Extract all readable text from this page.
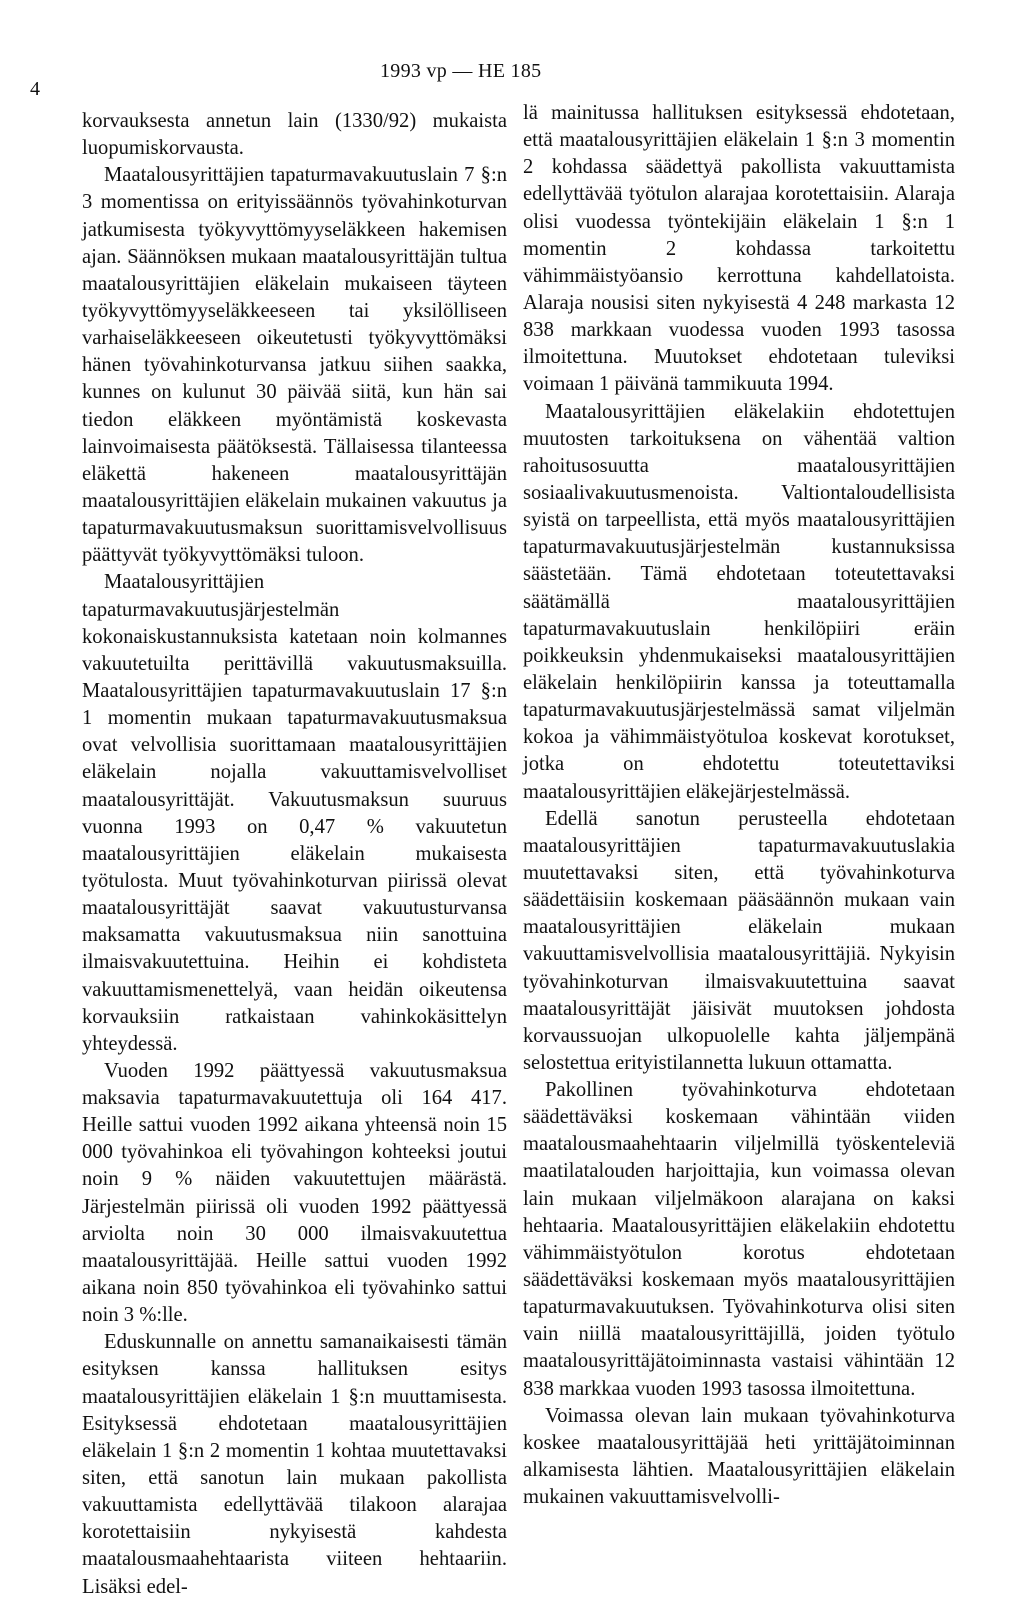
4
1993 vp — HE 185

korvauksesta annetun lain (1330/92) mukaista luopumiskorvausta.

Maatalousyrittäjien tapaturmavakuutuslain 7 §:n 3 momentissa on erityissäännös työvahinkoturvan jatkumisesta työkyvyttömyyseläkkeen hakemisen ajan. Säännöksen mukaan maatalousyrittäjän tultua maatalousyrittäjien eläkelain mukaiseen täyteen työkyvyttömyyseläkkeeseen tai yksilölliseen varhaiseläkkeeseen oikeutetusti työkyvyttömäksi hänen työvahinkoturvansa jatkuu siihen saakka, kunnes on kulunut 30 päivää siitä, kun hän sai tiedon eläkkeen myöntämistä koskevasta lainvoimaisesta päätöksestä. Tällaisessa tilanteessa eläkettä hakeneen maatalousyrittäjän maatalousyrittäjien eläkelain mukainen vakuutus ja tapaturmavakuutusmaksun suorittamisvelvollisuus päättyvät työkyvyttömäksi tuloon.

Maatalousyrittäjien tapaturmavakuutusjärjestelmän kokonaiskustannuksista katetaan noin kolmannes vakuutetuilta perittävillä vakuutusmaksuilla. Maatalousyrittäjien tapaturmavakuutuslain 17 §:n 1 momentin mukaan tapaturmavakuutusmaksua ovat velvollisia suorittamaan maatalousyrittäjien eläkelain nojalla vakuuttamisvelvolliset maatalousyrittäjät. Vakuutusmaksun suuruus vuonna 1993 on 0,47 % vakuutetun maatalousyrittäjien eläkelain mukaisesta työtulosta. Muut työvahinkoturvan piirissä olevat maatalousyrittäjät saavat vakuutusturvansa maksamatta vakuutusmaksua niin sanottuina ilmaisvakuutettuina. Heihin ei kohdisteta vakuuttamismenettelyä, vaan heidän oikeutensa korvauksiin ratkaistaan vahinkokäsittelyn yhteydessä.

Vuoden 1992 päättyessä vakuutusmaksua maksavia tapaturmavakuutettuja oli 164 417. Heille sattui vuoden 1992 aikana yhteensä noin 15 000 työvahinkoa eli työvahingon kohteeksi joutui noin 9 % näiden vakuutettujen määrästä. Järjestelmän piirissä oli vuoden 1992 päättyessä arviolta noin 30 000 ilmaisvakuutettua maatalousyrittäjää. Heille sattui vuoden 1992 aikana noin 850 työvahinkoa eli työvahinko sattui noin 3 %:lle.

Eduskunnalle on annettu samanaikaisesti tämän esityksen kanssa hallituksen esitys maatalousyrittäjien eläkelain 1 §:n muuttamisesta. Esityksessä ehdotetaan maatalousyrittäjien eläkelain 1 §:n 2 momentin 1 kohtaa muutettavaksi siten, että sanotun lain mukaan pakollista vakuuttamista edellyttävää tilakoon alarajaa korotettaisiin nykyisestä kahdesta maatalousmaahehtaarista viiteen hehtaariin. Lisäksi edel-

lä mainitussa hallituksen esityksessä ehdotetaan, että maatalousyrittäjien eläkelain 1 §:n 3 momentin 2 kohdassa säädettyä pakollista vakuuttamista edellyttävää työtulon alarajaa korotettaisiin. Alaraja olisi vuodessa työntekijäin eläkelain 1 §:n 1 momentin 2 kohdassa tarkoitettu vähimmäistyöansio kerrottuna kahdellatoista. Alaraja nousisi siten nykyisestä 4 248 markasta 12 838 markkaan vuodessa vuoden 1993 tasossa ilmoitettuna. Muutokset ehdotetaan tuleviksi voimaan 1 päivänä tammikuuta 1994.

Maatalousyrittäjien eläkelakiin ehdotettujen muutosten tarkoituksena on vähentää valtion rahoitusosuutta maatalousyrittäjien sosiaalivakuutusmenoista. Valtiontaloudellisista syistä on tarpeellista, että myös maatalousyrittäjien tapaturmavakuutusjärjestelmän kustannuksissa säästetään. Tämä ehdotetaan toteutettavaksi säätämällä maatalousyrittäjien tapaturmavakuutuslain henkilöpiiri eräin poikkeuksin yhdenmukaiseksi maatalousyrittäjien eläkelain henkilöpiirin kanssa ja toteuttamalla tapaturmavakuutusjärjestelmässä samat viljelmän kokoa ja vähimmäistyötuloa koskevat korotukset, jotka on ehdotettu toteutettaviksi maatalousyrittäjien eläkejärjestelmässä.

Edellä sanotun perusteella ehdotetaan maatalousyrittäjien tapaturmavakuutuslakia muutettavaksi siten, että työvahinkoturva säädettäisiin koskemaan pääsäännön mukaan vain maatalousyrittäjien eläkelain mukaan vakuuttamisvelvollisia maatalousyrittäjiä. Nykyisin työvahinkoturvan ilmaisvakuutettuina saavat maatalousyrittäjät jäisivät muutoksen johdosta korvaussuojan ulkopuolelle kahta jäljempänä selostettua erityistilannetta lukuun ottamatta.

Pakollinen työvahinkoturva ehdotetaan säädettäväksi koskemaan vähintään viiden maatalousmaahehtaarin viljelmillä työskenteleviä maatilatalouden harjoittajia, kun voimassa olevan lain mukaan viljelmäkoon alarajana on kaksi hehtaaria. Maatalousyrittäjien eläkelakiin ehdotettu vähimmäistyötulon korotus ehdotetaan säädettäväksi koskemaan myös maatalousyrittäjien tapaturmavakuutuksen. Työvahinkoturva olisi siten vain niillä maatalousyrittäjillä, joiden työtulo maatalousyrittäjätoiminnasta vastaisi vähintään 12 838 markkaa vuoden 1993 tasossa ilmoitettuna.

Voimassa olevan lain mukaan työvahinkoturva koskee maatalousyrittäjää heti yrittäjätoiminnan alkamisesta lähtien. Maatalousyrittäjien eläkelain mukainen vakuuttamisvelvolli-
